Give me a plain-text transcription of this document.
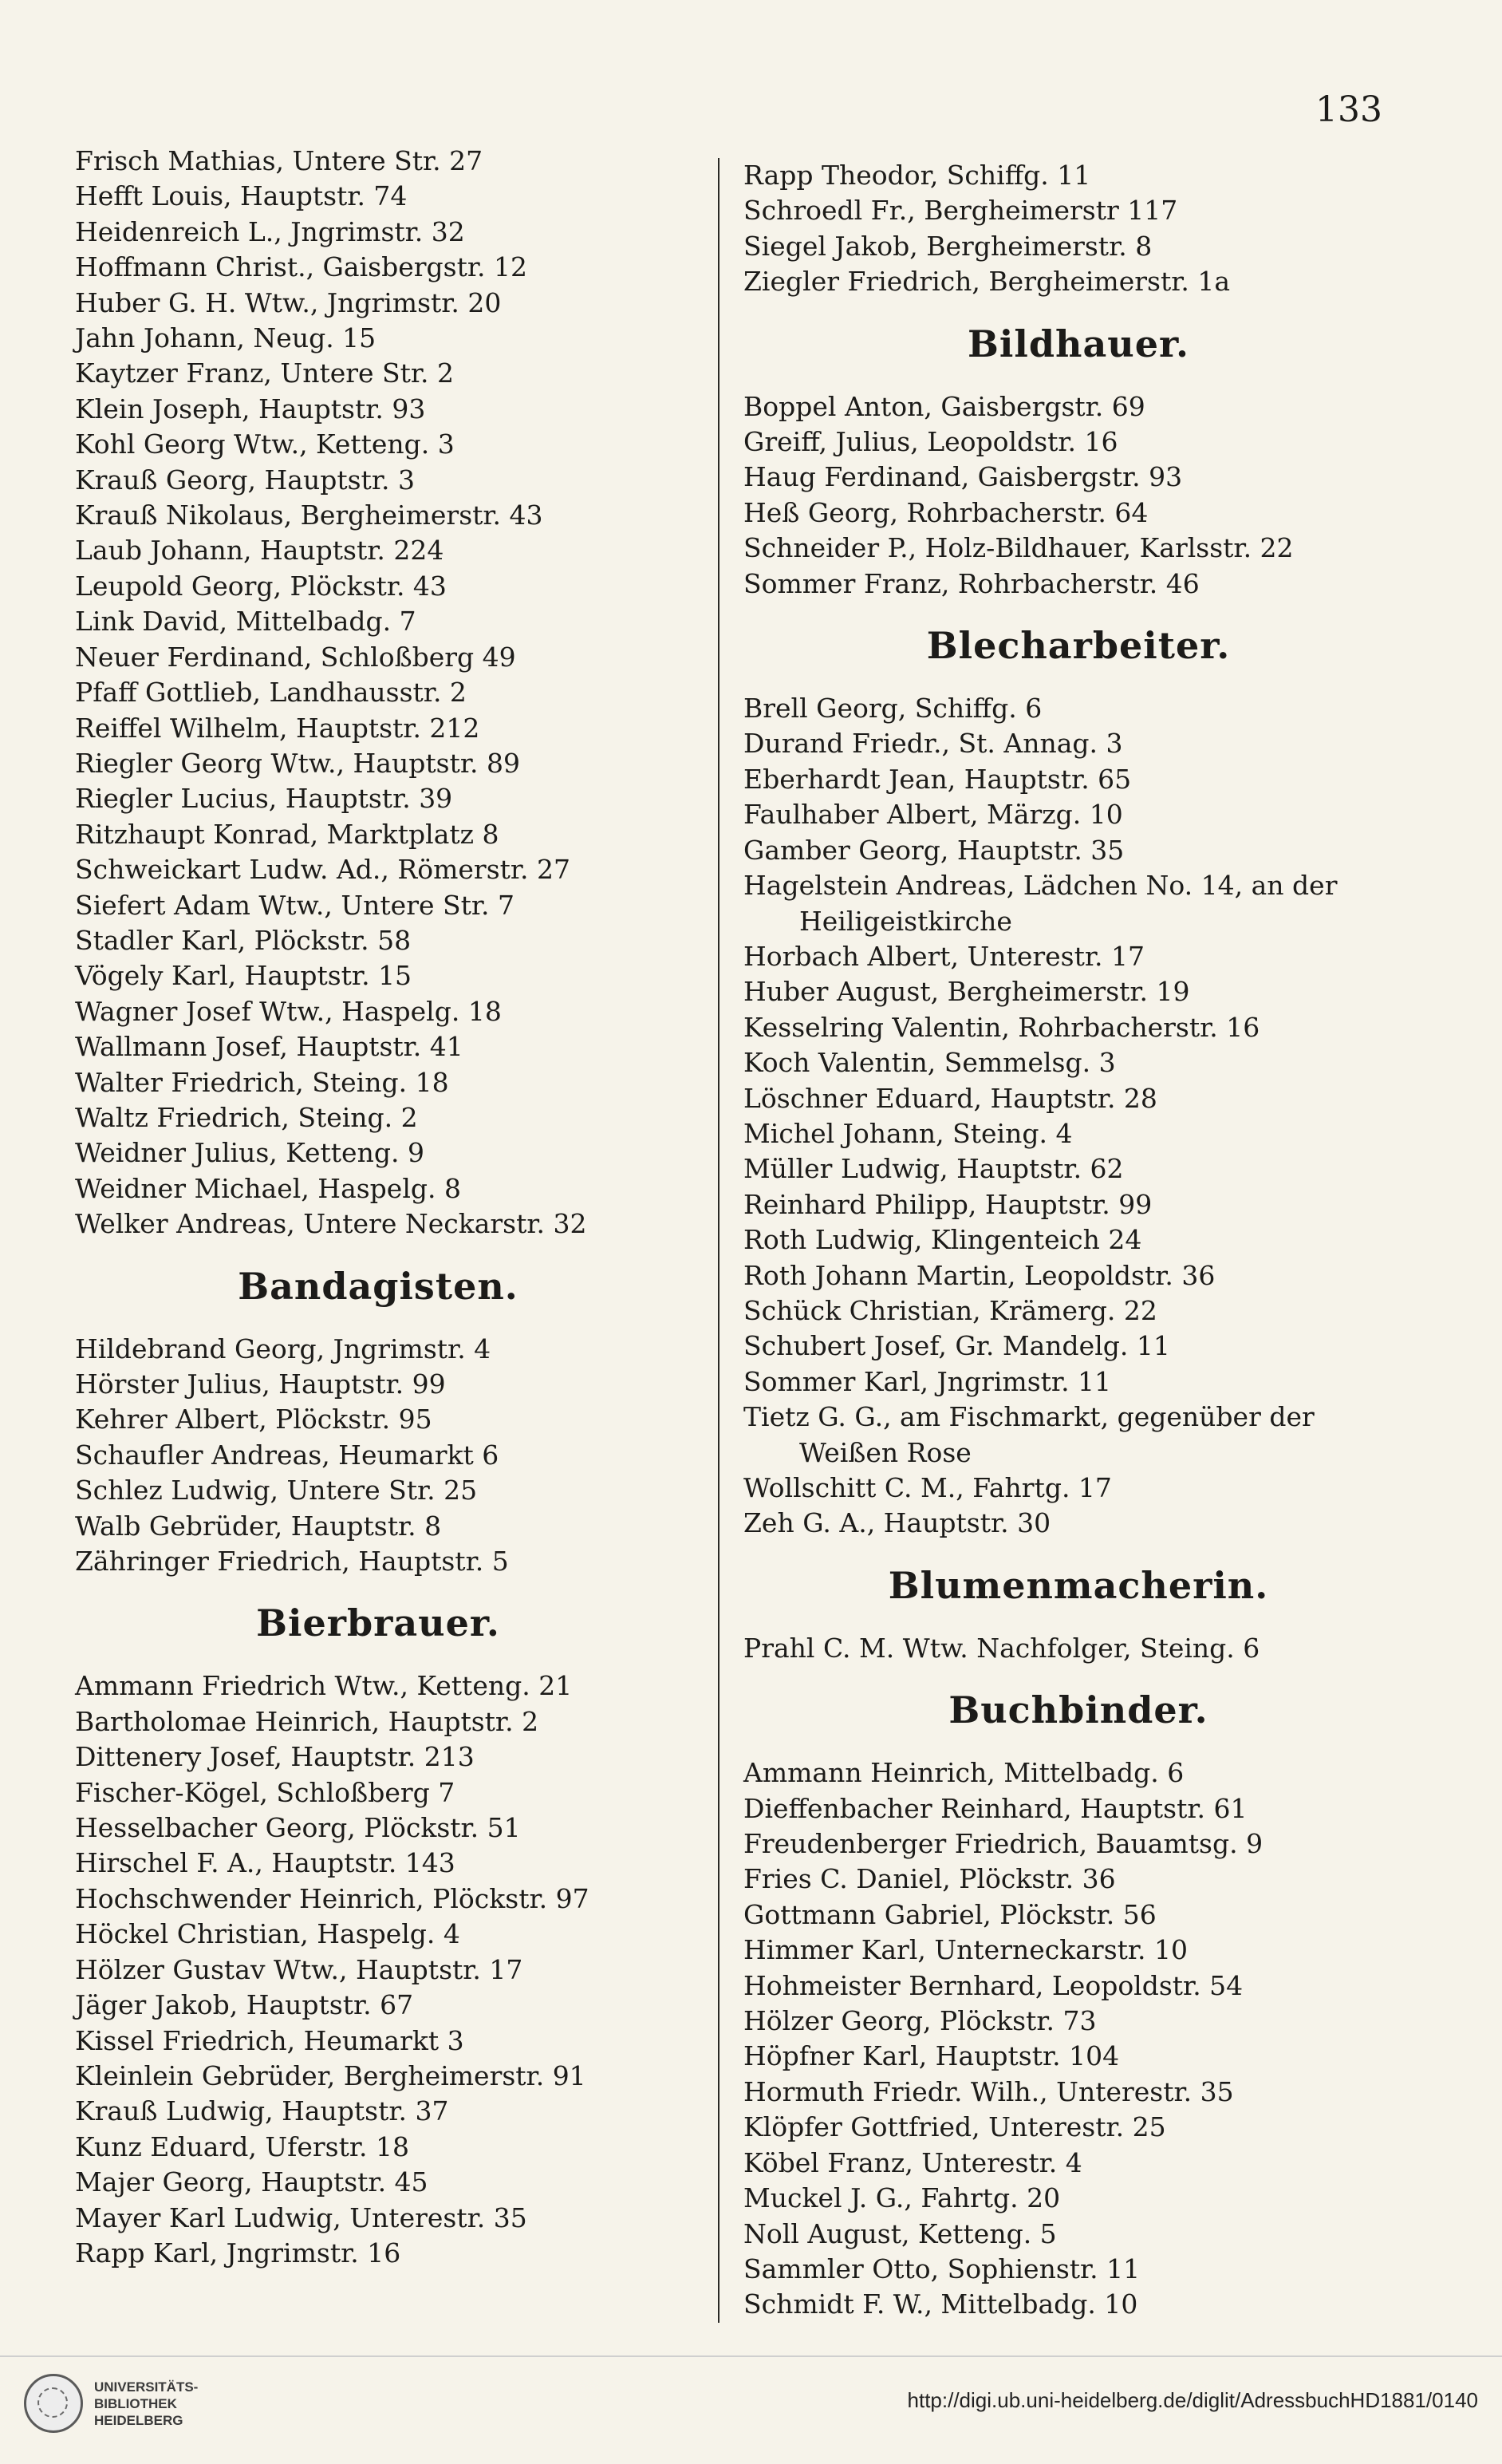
133
Frisch Mathias, Untere Str. 27
Hefft Louis, Hauptstr. 74
Heidenreich L., Jngrimstr. 32
Hoffmann Christ., Gaisbergstr. 12
Huber G. H. Wtw., Jngrimstr. 20
Jahn Johann, Neug. 15
Kaytzer Franz, Untere Str. 2
Klein Joseph, Hauptstr. 93
Kohl Georg Wtw., Ketteng. 3
Krauß Georg, Hauptstr. 3
Krauß Nikolaus, Bergheimerstr. 43
Laub Johann, Hauptstr. 224
Leupold Georg, Plöckstr. 43
Link David, Mittelbadg. 7
Neuer Ferdinand, Schloßberg 49
Pfaff Gottlieb, Landhausstr. 2
Reiffel Wilhelm, Hauptstr. 212
Riegler Georg Wtw., Hauptstr. 89
Riegler Lucius, Hauptstr. 39
Ritzhaupt Konrad, Marktplatz 8
Schweickart Ludw. Ad., Römerstr. 27
Siefert Adam Wtw., Untere Str. 7
Stadler Karl, Plöckstr. 58
Vögely Karl, Hauptstr. 15
Wagner Josef Wtw., Haspelg. 18
Wallmann Josef, Hauptstr. 41
Walter Friedrich, Steing. 18
Waltz Friedrich, Steing. 2
Weidner Julius, Ketteng. 9
Weidner Michael, Haspelg. 8
Welker Andreas, Untere Neckarstr. 32
Bandagisten.
Hildebrand Georg, Jngrimstr. 4
Hörster Julius, Hauptstr. 99
Kehrer Albert, Plöckstr. 95
Schaufler Andreas, Heumarkt 6
Schlez Ludwig, Untere Str. 25
Walb Gebrüder, Hauptstr. 8
Zähringer Friedrich, Hauptstr. 5
Bierbrauer.
Ammann Friedrich Wtw., Ketteng. 21
Bartholomae Heinrich, Hauptstr. 2
Dittenery Josef, Hauptstr. 213
Fischer-Kögel, Schloßberg 7
Hesselbacher Georg, Plöckstr. 51
Hirschel F. A., Hauptstr. 143
Hochschwender Heinrich, Plöckstr. 97
Höckel Christian, Haspelg. 4
Hölzer Gustav Wtw., Hauptstr. 17
Jäger Jakob, Hauptstr. 67
Kissel Friedrich, Heumarkt 3
Kleinlein Gebrüder, Bergheimerstr. 91
Krauß Ludwig, Hauptstr. 37
Kunz Eduard, Uferstr. 18
Majer Georg, Hauptstr. 45
Mayer Karl Ludwig, Unterestr. 35
Rapp Karl, Jngrimstr. 16
Rapp Theodor, Schiffg. 11
Schroedl Fr., Bergheimerstr 117
Siegel Jakob, Bergheimerstr. 8
Ziegler Friedrich, Bergheimerstr. 1a
Bildhauer.
Boppel Anton, Gaisbergstr. 69
Greiff, Julius, Leopoldstr. 16
Haug Ferdinand, Gaisbergstr. 93
Heß Georg, Rohrbacherstr. 64
Schneider P., Holz-Bildhauer, Karlsstr. 22
Sommer Franz, Rohrbacherstr. 46
Blecharbeiter.
Brell Georg, Schiffg. 6
Durand Friedr., St. Annag. 3
Eberhardt Jean, Hauptstr. 65
Faulhaber Albert, Märzg. 10
Gamber Georg, Hauptstr. 35
Hagelstein Andreas, Lädchen No. 14, an der
Heiligeistkirche
Horbach Albert, Unterestr. 17
Huber August, Bergheimerstr. 19
Kesselring Valentin, Rohrbacherstr. 16
Koch Valentin, Semmelsg. 3
Löschner Eduard, Hauptstr. 28
Michel Johann, Steing. 4
Müller Ludwig, Hauptstr. 62
Reinhard Philipp, Hauptstr. 99
Roth Ludwig, Klingenteich 24
Roth Johann Martin, Leopoldstr. 36
Schück Christian, Krämerg. 22
Schubert Josef, Gr. Mandelg. 11
Sommer Karl, Jngrimstr. 11
Tietz G. G., am Fischmarkt, gegenüber der
Weißen Rose
Wollschitt C. M., Fahrtg. 17
Zeh G. A., Hauptstr. 30
Blumenmacherin.
Prahl C. M. Wtw. Nachfolger, Steing. 6
Buchbinder.
Ammann Heinrich, Mittelbadg. 6
Dieffenbacher Reinhard, Hauptstr. 61
Freudenberger Friedrich, Bauamtsg. 9
Fries C. Daniel, Plöckstr. 36
Gottmann Gabriel, Plöckstr. 56
Himmer Karl, Unterneckarstr. 10
Hohmeister Bernhard, Leopoldstr. 54
Hölzer Georg, Plöckstr. 73
Höpfner Karl, Hauptstr. 104
Hormuth Friedr. Wilh., Unterestr. 35
Klöpfer Gottfried, Unterestr. 25
Köbel Franz, Unterestr. 4
Muckel J. G., Fahrtg. 20
Noll August, Ketteng. 5
Sammler Otto, Sophienstr. 11
Schmidt F. W., Mittelbadg. 10
UNIVERSITÄTS-
BIBLIOTHEK
HEIDELBERG
http://digi.ub.uni-heidelberg.de/diglit/AdressbuchHD1881/0140
